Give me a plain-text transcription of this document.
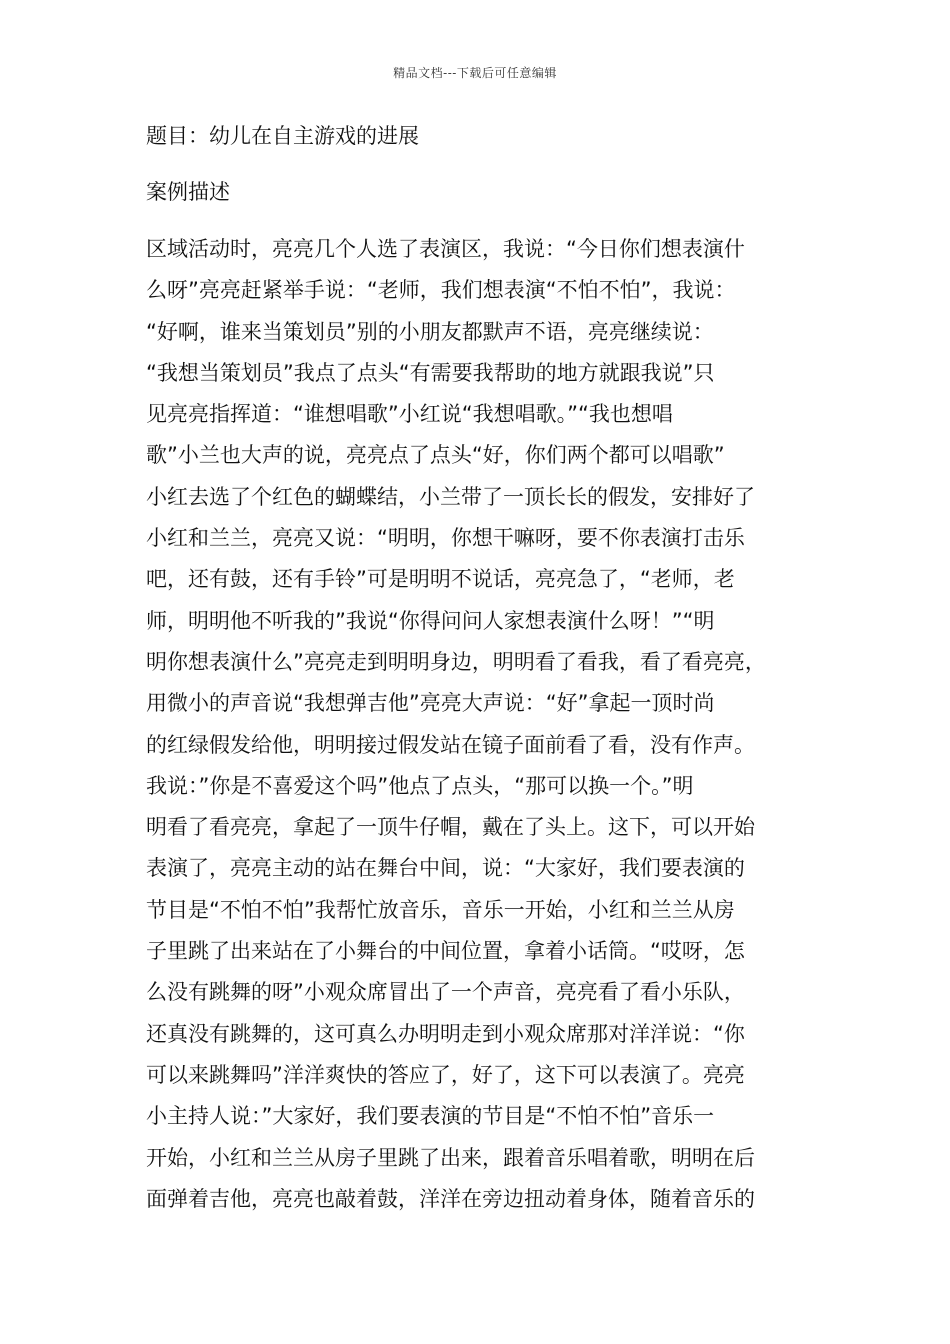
精品文档---下载后可任意编辑
题目：幼儿在自主游戏的进展
案例描述
区域活动时，亮亮几个人选了表演区，我说：“今日你们想表演什
么呀”亮亮赶紧举手说：“老师，我们想表演“不怕不怕”，我说：
“好啊，谁来当策划员”别的小朋友都默声不语，亮亮继续说：
“我想当策划员”我点了点头“有需要我帮助的地方就跟我说”只
见亮亮指挥道：“谁想唱歌”小红说“我想唱歌。”“我也想唱
歌”小兰也大声的说，亮亮点了点头“好，你们两个都可以唱歌”
小红去选了个红色的蝴蝶结，小兰带了一顶长长的假发，安排好了
小红和兰兰，亮亮又说：“明明，你想干嘛呀，要不你表演打击乐
吧，还有鼓，还有手铃”可是明明不说话，亮亮急了，“老师，老
师，明明他不听我的”我说“你得问问人家想表演什么呀！”“明
明你想表演什么”亮亮走到明明身边，明明看了看我，看了看亮亮，
用微小的声音说“我想弹吉他”亮亮大声说：“好”拿起一顶时尚
的红绿假发给他，明明接过假发站在镜子面前看了看，没有作声。
我说：”你是不喜爱这个吗”他点了点头，“那可以换一个。”明
明看了看亮亮，拿起了一顶牛仔帽，戴在了头上。这下，可以开始
表演了，亮亮主动的站在舞台中间，说：“大家好，我们要表演的
节目是“不怕不怕”我帮忙放音乐，音乐一开始，小红和兰兰从房
子里跳了出来站在了小舞台的中间位置，拿着小话筒。“哎呀，怎
么没有跳舞的呀”小观众席冒出了一个声音，亮亮看了看小乐队，
还真没有跳舞的，这可真么办明明走到小观众席那对洋洋说：“你
可以来跳舞吗”洋洋爽快的答应了，好了，这下可以表演了。亮亮
小主持人说：”大家好，我们要表演的节目是“不怕不怕”音乐一
开始，小红和兰兰从房子里跳了出来，跟着音乐唱着歌，明明在后
面弹着吉他，亮亮也敲着鼓，洋洋在旁边扭动着身体，随着音乐的
